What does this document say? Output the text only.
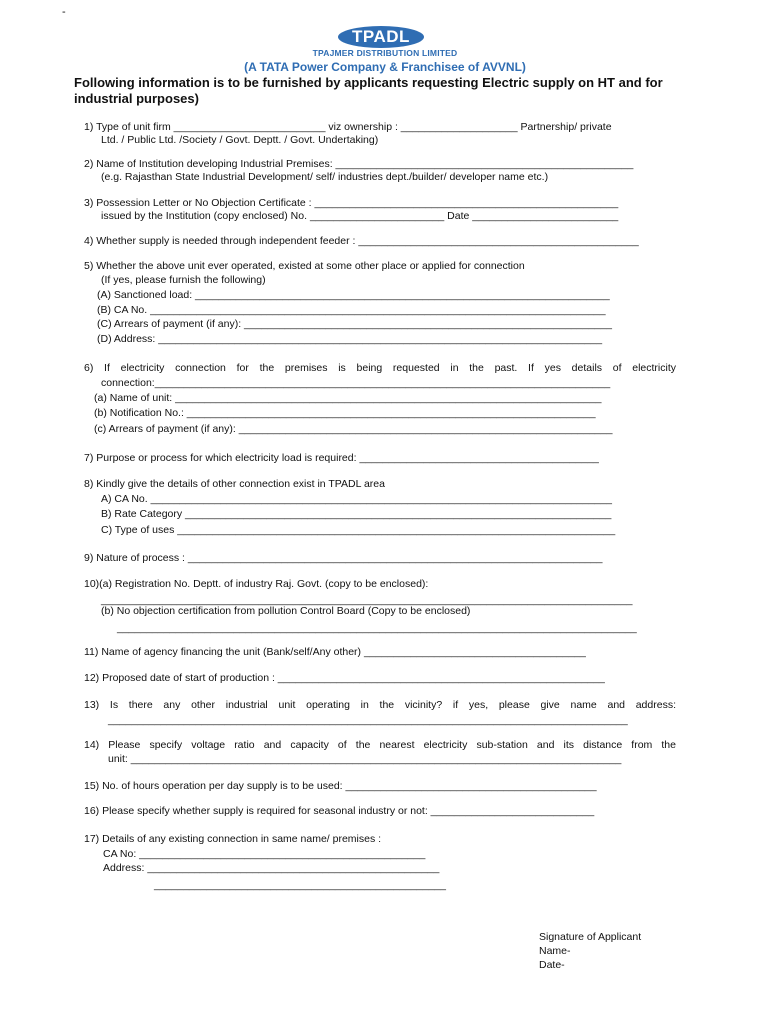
-
TPADL
TPAJMER DISTRIBUTION LIMITED
(A TATA Power Company & Franchisee of AVVNL)
Following information is to be furnished by applicants requesting Electric supply on HT and for industrial purposes)
1) Type of unit firm __________________________ viz ownership : ____________________ Partnership/ private
Ltd. / Public Ltd. /Society / Govt. Deptt. / Govt. Undertaking)
2) Name of Institution developing Industrial Premises: ___________________________________________________
(e.g. Rajasthan State Industrial Development/ self/ industries dept./builder/ developer name etc.)
3) Possession Letter or No Objection Certificate : ____________________________________________________
issued by the Institution (copy enclosed) No. _______________________ Date _________________________
4) Whether supply is needed through independent feeder : ________________________________________________
5) Whether the above unit ever operated, existed at some other place or applied for connection
(If yes, please furnish the following)
(A) Sanctioned load: _______________________________________________________________________
(B) CA No. ______________________________________________________________________________
(C) Arrears of payment (if any): _______________________________________________________________
(D) Address: ____________________________________________________________________________
6) If electricity connection for the premises is being requested in the past. If yes details of electricity
connection:______________________________________________________________________________
(a) Name of unit: _________________________________________________________________________
(b) Notification No.: ______________________________________________________________________
(c) Arrears of payment (if any): ________________________________________________________________
7) Purpose or process for which electricity load is required: _________________________________________
8) Kindly give the details of other connection exist in TPADL area
A) CA No. _______________________________________________________________________________
B) Rate Category _________________________________________________________________________
C) Type of uses ___________________________________________________________________________
9) Nature of process : _______________________________________________________________________
10)(a) Registration No. Deptt. of industry Raj. Govt. (copy to be enclosed):
___________________________________________________________________________________________
(b) No objection certification from pollution Control Board (Copy to be enclosed)
_________________________________________________________________________________________
11) Name of agency financing the unit (Bank/self/Any other) ______________________________________
12) Proposed date of start of production : ________________________________________________________
13) Is there any other industrial unit operating in the vicinity? if yes, please give name and address:
_________________________________________________________________________________________
14) Please specify voltage ratio and capacity of the nearest electricity sub-station and its distance from the
unit: ____________________________________________________________________________________
15) No. of hours operation per day supply is to be used: ___________________________________________
16) Please specify whether supply is required for seasonal industry or not: ____________________________
17) Details of any existing connection in same name/ premises :
CA No: _________________________________________________
Address: __________________________________________________
__________________________________________________
Signature of Applicant
Name-
Date-
